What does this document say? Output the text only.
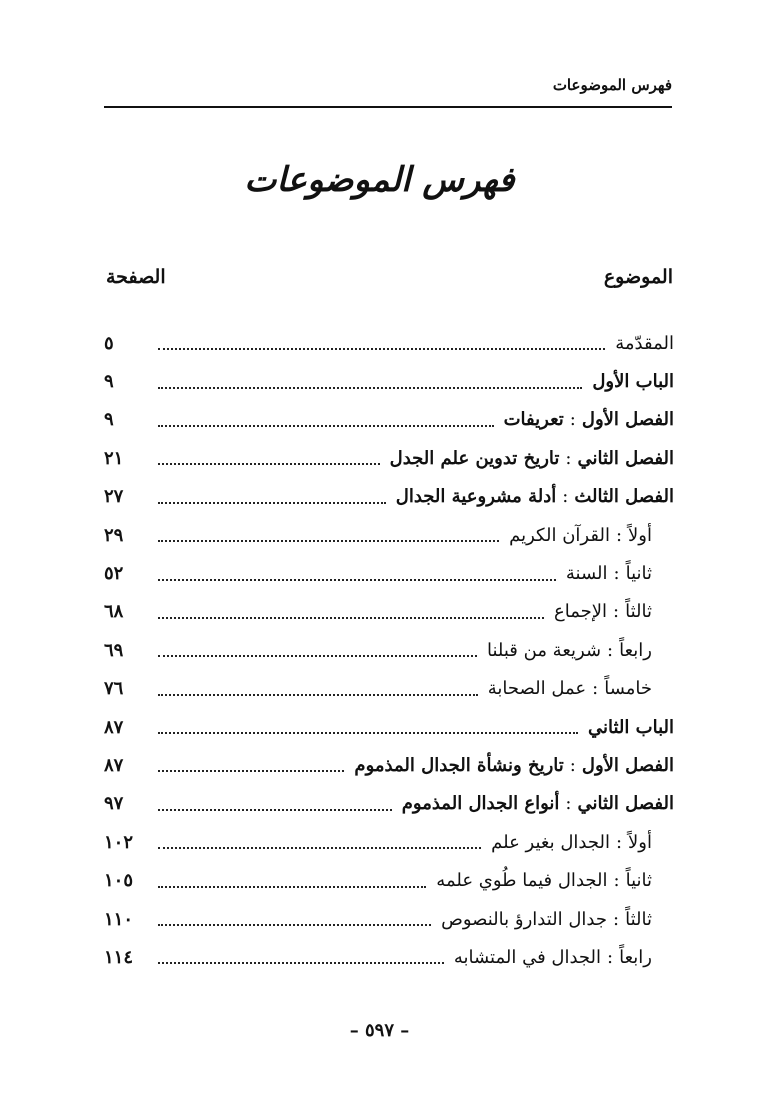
فهرس الموضوعات
فهرس الموضوعات
الموضوع
الصفحة
المقدّمة
٥
الباب الأول
٩
الفصل الأول:تعريفات
٩
الفصل الثاني:تاريخ تدوين علم الجدل
٢١
الفصل الثالث:أدلة مشروعية الجدال
٢٧
أولاً:القرآن الكريم
٢٩
ثانياً:السنة
٥٢
ثالثاً:الإجماع
٦٨
رابعاً:شريعة من قبلنا
٦٩
خامساً:عمل الصحابة
٧٦
الباب الثاني
٨٧
الفصل الأول:تاريخ ونشأة الجدال المذموم
٨٧
الفصل الثاني:أنواع الجدال المذموم
٩٧
أولاً:الجدال بغير علم
١٠٢
ثانياً:الجدال فيما طُوي علمه
١٠٥
ثالثاً:جدال التدارؤ بالنصوص
١١٠
رابعاً:الجدال في المتشابه
١١٤
– ٥٩٧ –
